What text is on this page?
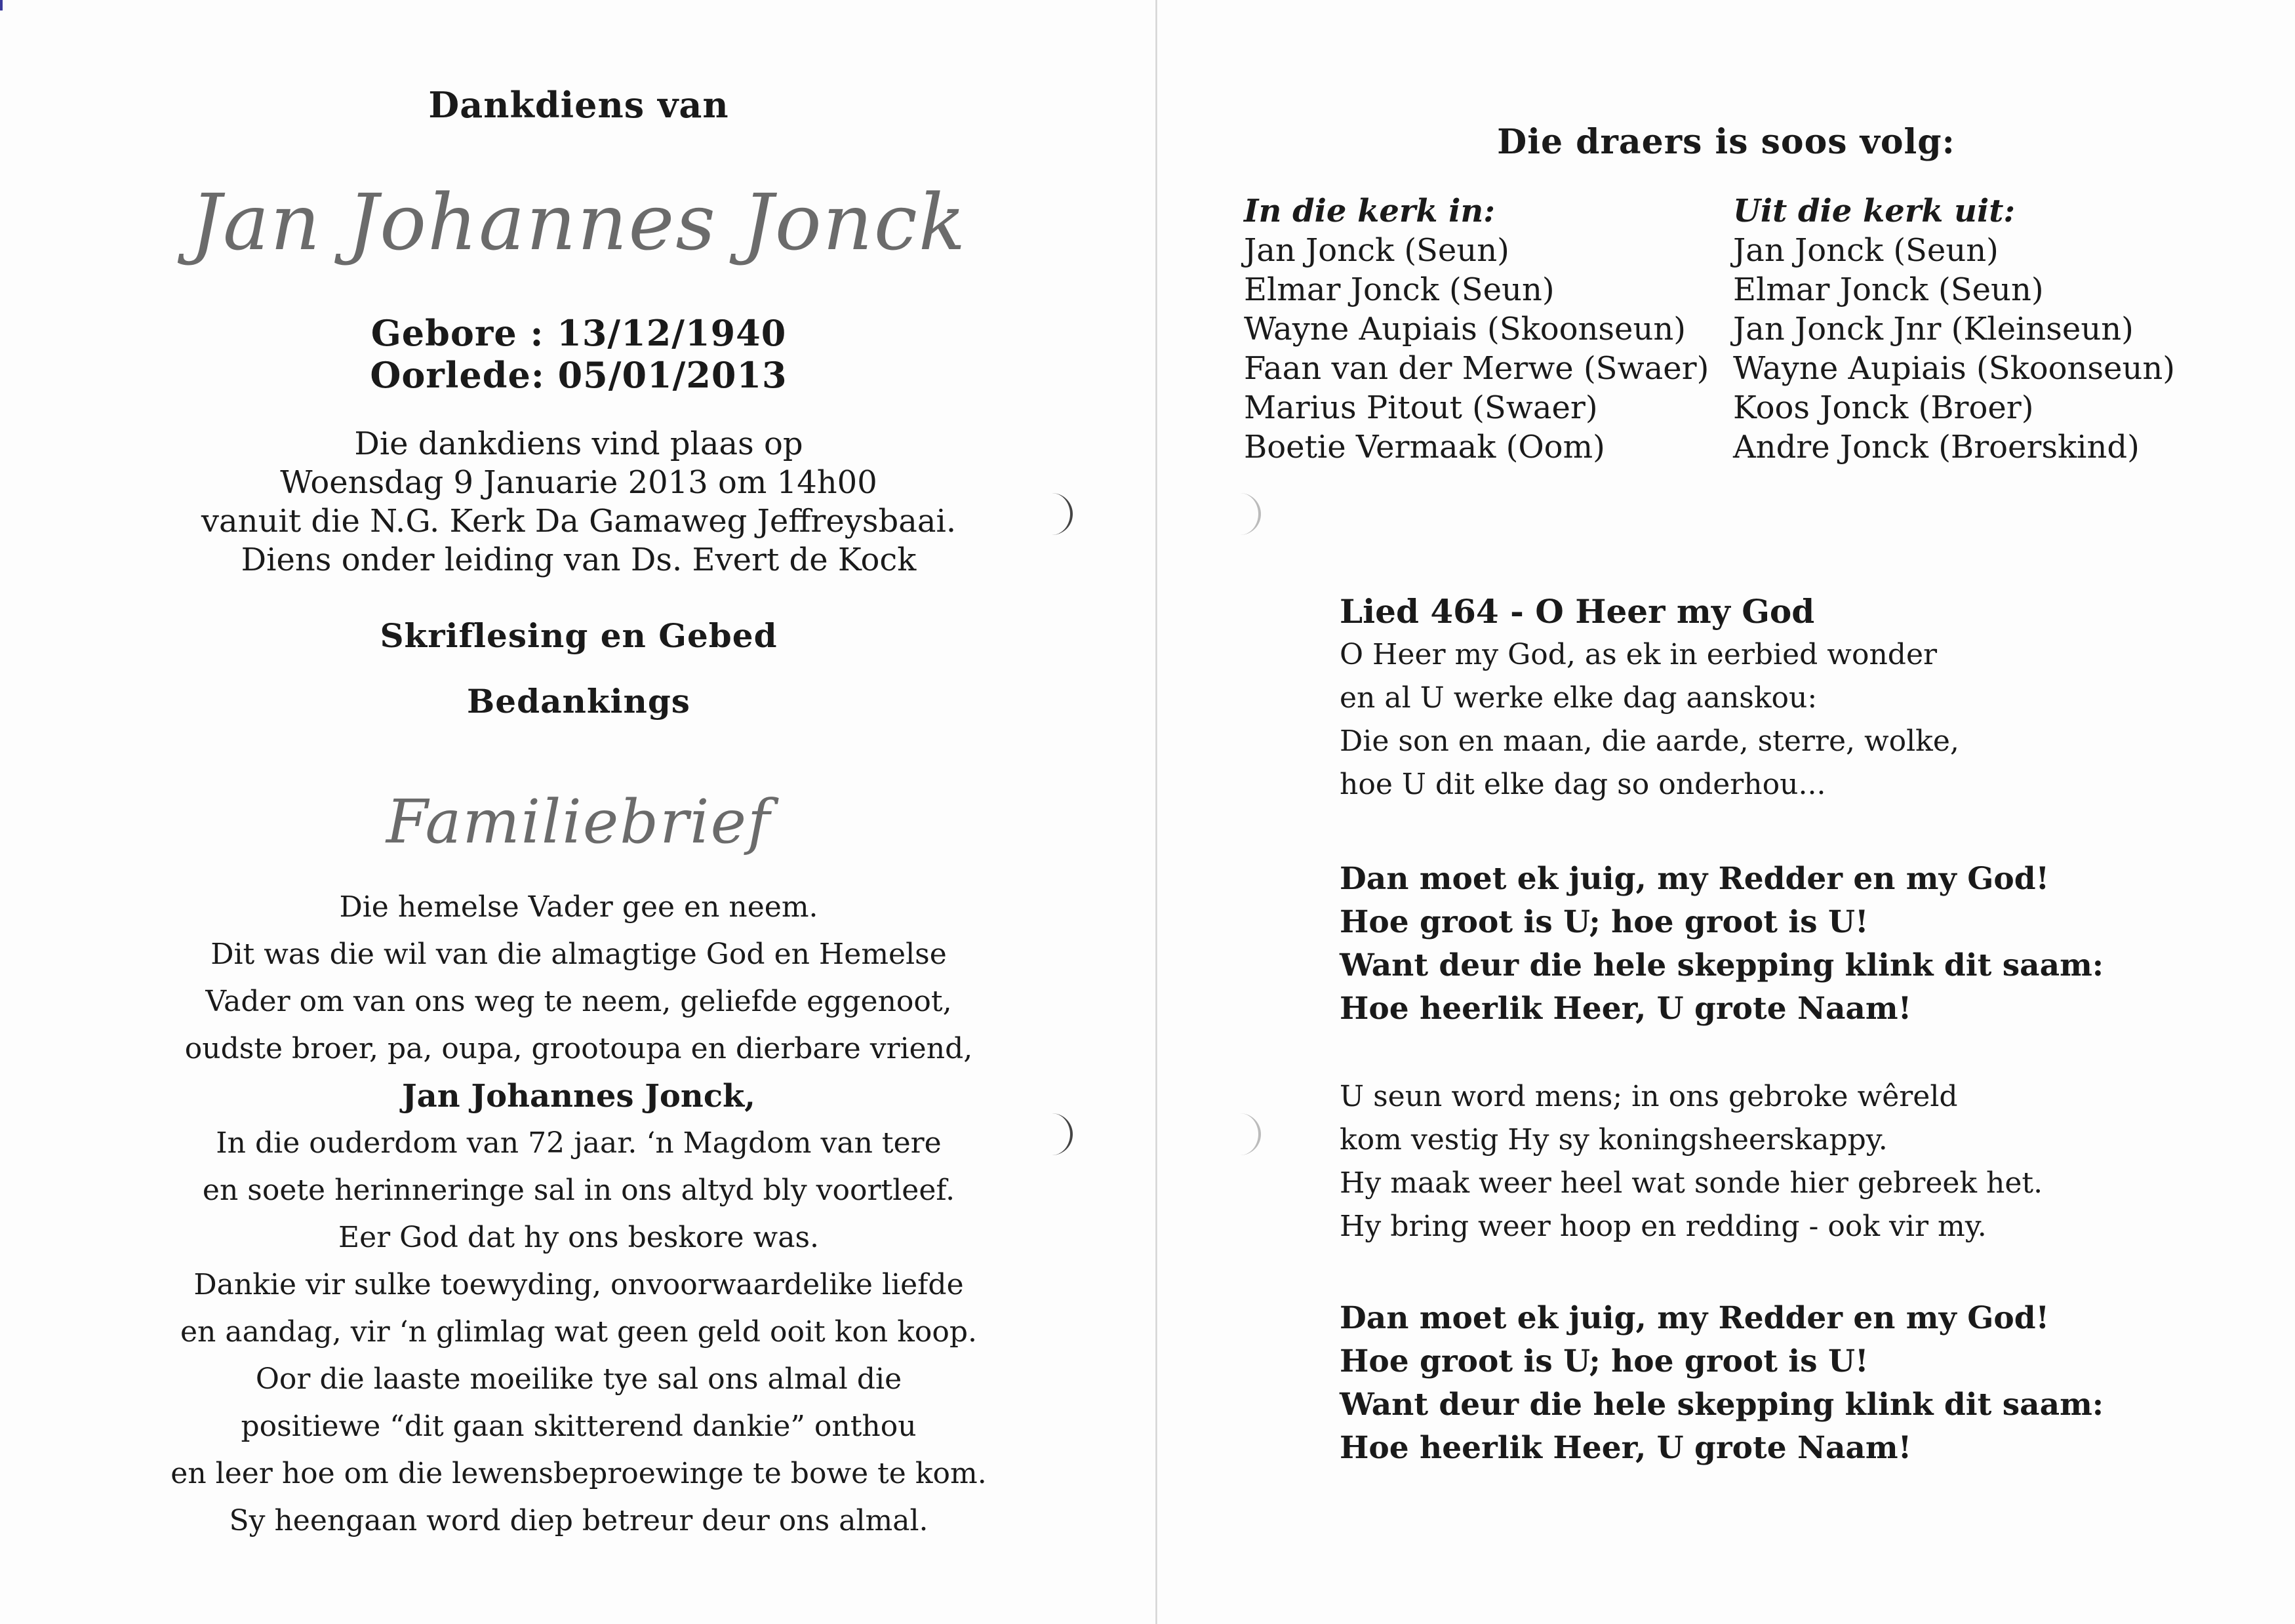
Dankdiens van
Jan Johannes Jonck
Gebore : 13/12/1940
Oorlede: 05/01/2013
Die dankdiens vind plaas op
Woensdag 9 Januarie 2013 om 14h00
vanuit die N.G. Kerk Da Gamaweg Jeffreysbaai.
Diens onder leiding van Ds. Evert de Kock
Skriflesing en Gebed
Bedankings
Familiebrief
Die hemelse Vader gee en neem.
Dit was die wil van die almagtige God en Hemelse
Vader om van ons weg te neem, geliefde eggenoot,
oudste broer, pa, oupa, grootoupa en dierbare vriend,
Jan Johannes Jonck,
In die ouderdom van 72 jaar. ‘n Magdom van tere
en soete herinneringe sal in ons altyd bly voortleef.
Eer God dat hy ons beskore was.
Dankie vir sulke toewyding, onvoorwaardelike liefde
en aandag, vir ‘n glimlag wat geen geld ooit kon koop.
Oor die laaste moeilike tye sal ons almal die
positiewe “dit gaan skitterend dankie” onthou
en leer hoe om die lewensbeproewinge te bowe te kom.
Sy heengaan word diep betreur deur ons almal.
Die draers is soos volg:
In die kerk in:
Jan Jonck (Seun)
Elmar Jonck (Seun)
Wayne Aupiais (Skoonseun)
Faan van der Merwe (Swaer)
Marius Pitout (Swaer)
Boetie Vermaak (Oom)
Uit die kerk uit:
Jan Jonck (Seun)
Elmar Jonck (Seun)
Jan Jonck Jnr (Kleinseun)
Wayne Aupiais (Skoonseun)
Koos Jonck (Broer)
Andre Jonck (Broerskind)
Lied 464 - O Heer my God
O Heer my God, as ek in eerbied wonder
en al U werke elke dag aanskou:
Die son en maan, die aarde, sterre, wolke,
hoe U dit elke dag so onderhou...
Dan moet ek juig, my Redder en my God!
Hoe groot is U; hoe groot is U!
Want deur die hele skepping klink dit saam:
Hoe heerlik Heer, U grote Naam!
U seun word mens; in ons gebroke wêreld
kom vestig Hy sy koningsheerskappy.
Hy maak weer heel wat sonde hier gebreek het.
Hy bring weer hoop en redding - ook vir my.
Dan moet ek juig, my Redder en my God!
Hoe groot is U; hoe groot is U!
Want deur die hele skepping klink dit saam:
Hoe heerlik Heer, U grote Naam!
